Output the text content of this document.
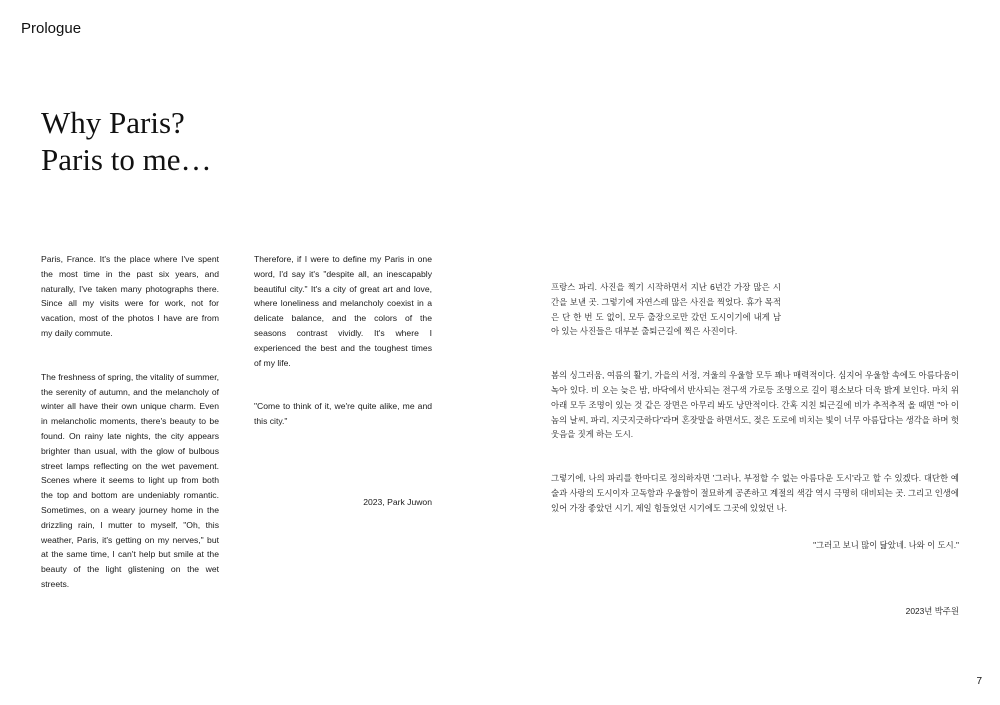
Prologue
Why Paris?
Paris to me…

Paris, France. It's the place where I've spent the most time in the past six years, and naturally, I've taken many photographs there. Since all my visits were for work, not for vacation, most of the photos I have are from my daily commute.

The freshness of spring, the vitality of summer, the serenity of autumn, and the melancholy of winter all have their own unique charm. Even in melancholic moments, there's beauty to be found. On rainy late nights, the city appears brighter than usual, with the glow of bulbous street lamps reflecting on the wet pavement. Scenes where it seems to light up from both the top and bottom are undeniably romantic. Sometimes, on a weary journey home in the drizzling rain, I mutter to myself, "Oh, this weather, Paris, it's getting on my nerves," but at the same time, I can't help but smile at the beauty of the light glistening on the wet streets.

Therefore, if I were to define my Paris in one word, I'd say it's "despite all, an inescapably beautiful city." It's a city of great art and love, where loneliness and melancholy coexist in a delicate balance, and the colors of the seasons contrast vividly. It's where I experienced the best and the toughest times of my life.

"Come to think of it, we're quite alike, me and this city."

2023, Park Juwon

프랑스 파리. 사진을 찍기 시작하면서 지난 6년간 가장 많은 시간을 보낸 곳. 그렇기에 자연스레 많은 사진을 찍었다. 휴가 목적은 단 한 번 도 없이, 모두 출장으로만 갔던 도시이기에 내게 남아 있는 사진들은 대부분 출퇴근길에 찍은 사진이다.

봄의 싱그러움, 여름의 활기, 가을의 서정, 겨울의 우울함 모두 꽤나 매력적이다. 심지어 우울함 속에도 아름다움이 녹아 있다. 비 오는 늦은 밤, 바닥에서 반사되는 전구색 가로등 조명으로 길이 평소보다 더욱 밝게 보인다. 마치 위아래 모두 조명이 있는 것 같은 장면은 아무리 봐도 낭만적이다. 간혹 지친 퇴근길에 비가 추적추적 올 때면 "아 이놈의 날씨, 파리, 지긋지긋하다"라며 혼잣말을 하면서도, 젖은 도로에 비치는 빛이 너무 아름답다는 생각을 하며 헛웃음을 짓게 하는 도시.

그렇기에, 나의 파리를 한마디로 정의하자면 '그러나, 부정할 수 없는 아름다운 도시'라고 할 수 있겠다. 대단한 예술과 사랑의 도시이자 고독함과 우울함이 절묘하게 공존하고 계절의 색감 역시 극명히 대비되는 곳. 그리고 인생에 있어 가장 좋았던 시기, 제일 힘들었던 시기에도 그곳에 있었던 나.

"그러고 보니 많이 닮았네. 나와 이 도시."

2023년 박주원

7
